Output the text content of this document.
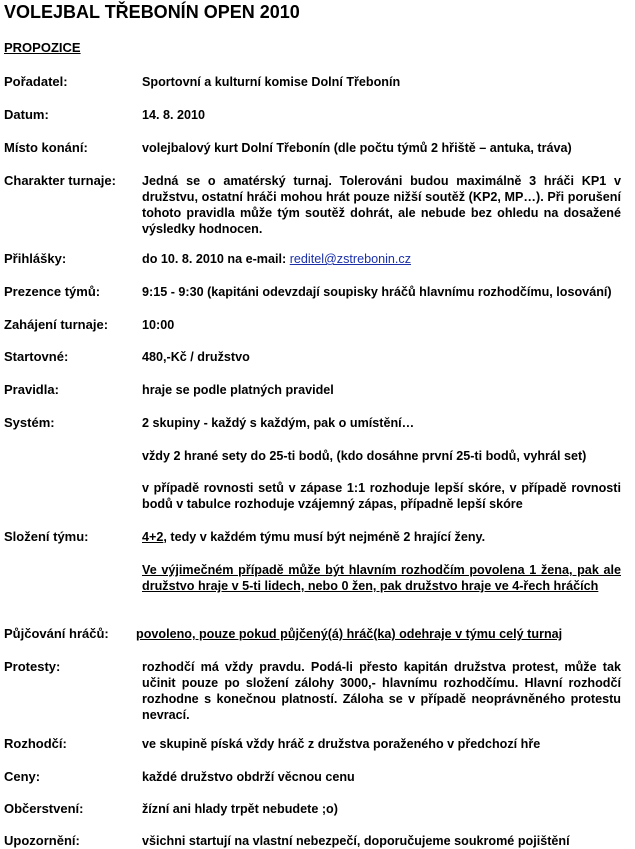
VOLEJBAL TŘEBONÍN OPEN 2010
PROPOZICE
Pořadatel:	Sportovní a kulturní komise Dolní Třebonín
Datum:	14. 8. 2010
Místo konání:	volejbalový kurt Dolní Třebonín (dle počtu týmů 2 hřiště – antuka, tráva)
Charakter turnaje: Jedná se o amatérský turnaj. Tolerováni budou maximálně 3 hráči KP1 v družstvu, ostatní hráči mohou hrát pouze nižší soutěž (KP2, MP…). Při porušení tohoto pravidla může tým soutěž dohrát, ale nebude bez ohledu na dosažené výsledky hodnocen.
Přihlášky:	do 10. 8. 2010 na e-mail: reditel@zstrebonin.cz
Prezence týmů:	9:15 - 9:30 (kapitáni odevzdají soupisky hráčů hlavnímu rozhodčímu, losování)
Zahájení turnaje:	10:00
Startovné:	480,-Kč / družstvo
Pravidla:	hraje se podle platných pravidel
Systém:	2 skupiny - každý s každým, pak o umístění…
vždy 2 hrané sety do 25-ti bodů, (kdo dosáhne první 25-ti bodů, vyhrál set)
v případě rovnosti setů v zápase 1:1 rozhoduje lepší skóre, v případě rovnosti bodů v tabulce rozhoduje vzájemný zápas, případně lepší skóre
Složení týmu:	4+2, tedy v každém týmu musí být nejméně 2 hrající ženy.
Ve výjimečném případě může být hlavním rozhodčím povolena 1 žena, pak ale družstvo hraje v 5-ti lidech, nebo 0 žen, pak družstvo hraje ve 4-řech hráčích
Půjčování hráčů: povoleno, pouze pokud půjčený(á) hráč(ka) odehraje v týmu celý turnaj
Protesty:	rozhodčí má vždy pravdu. Podá-li přesto kapitán družstva protest, může tak učinit pouze po složení zálohy 3000,- hlavnímu rozhodčímu. Hlavní rozhodčí rozhodne s konečnou platností. Záloha se v případě neoprávněného protestu nevrací.
Rozhodčí:	ve skupině píská vždy hráč z družstva poraženého v předchozí hře
Ceny:	každé družstvo obdrží věcnou cenu
Občerstvení:	žízní ani hlady trpět nebudete ;o)
Upozornění:	všichni startují na vlastní nebezpečí, doporučujeme soukromé pojištění
